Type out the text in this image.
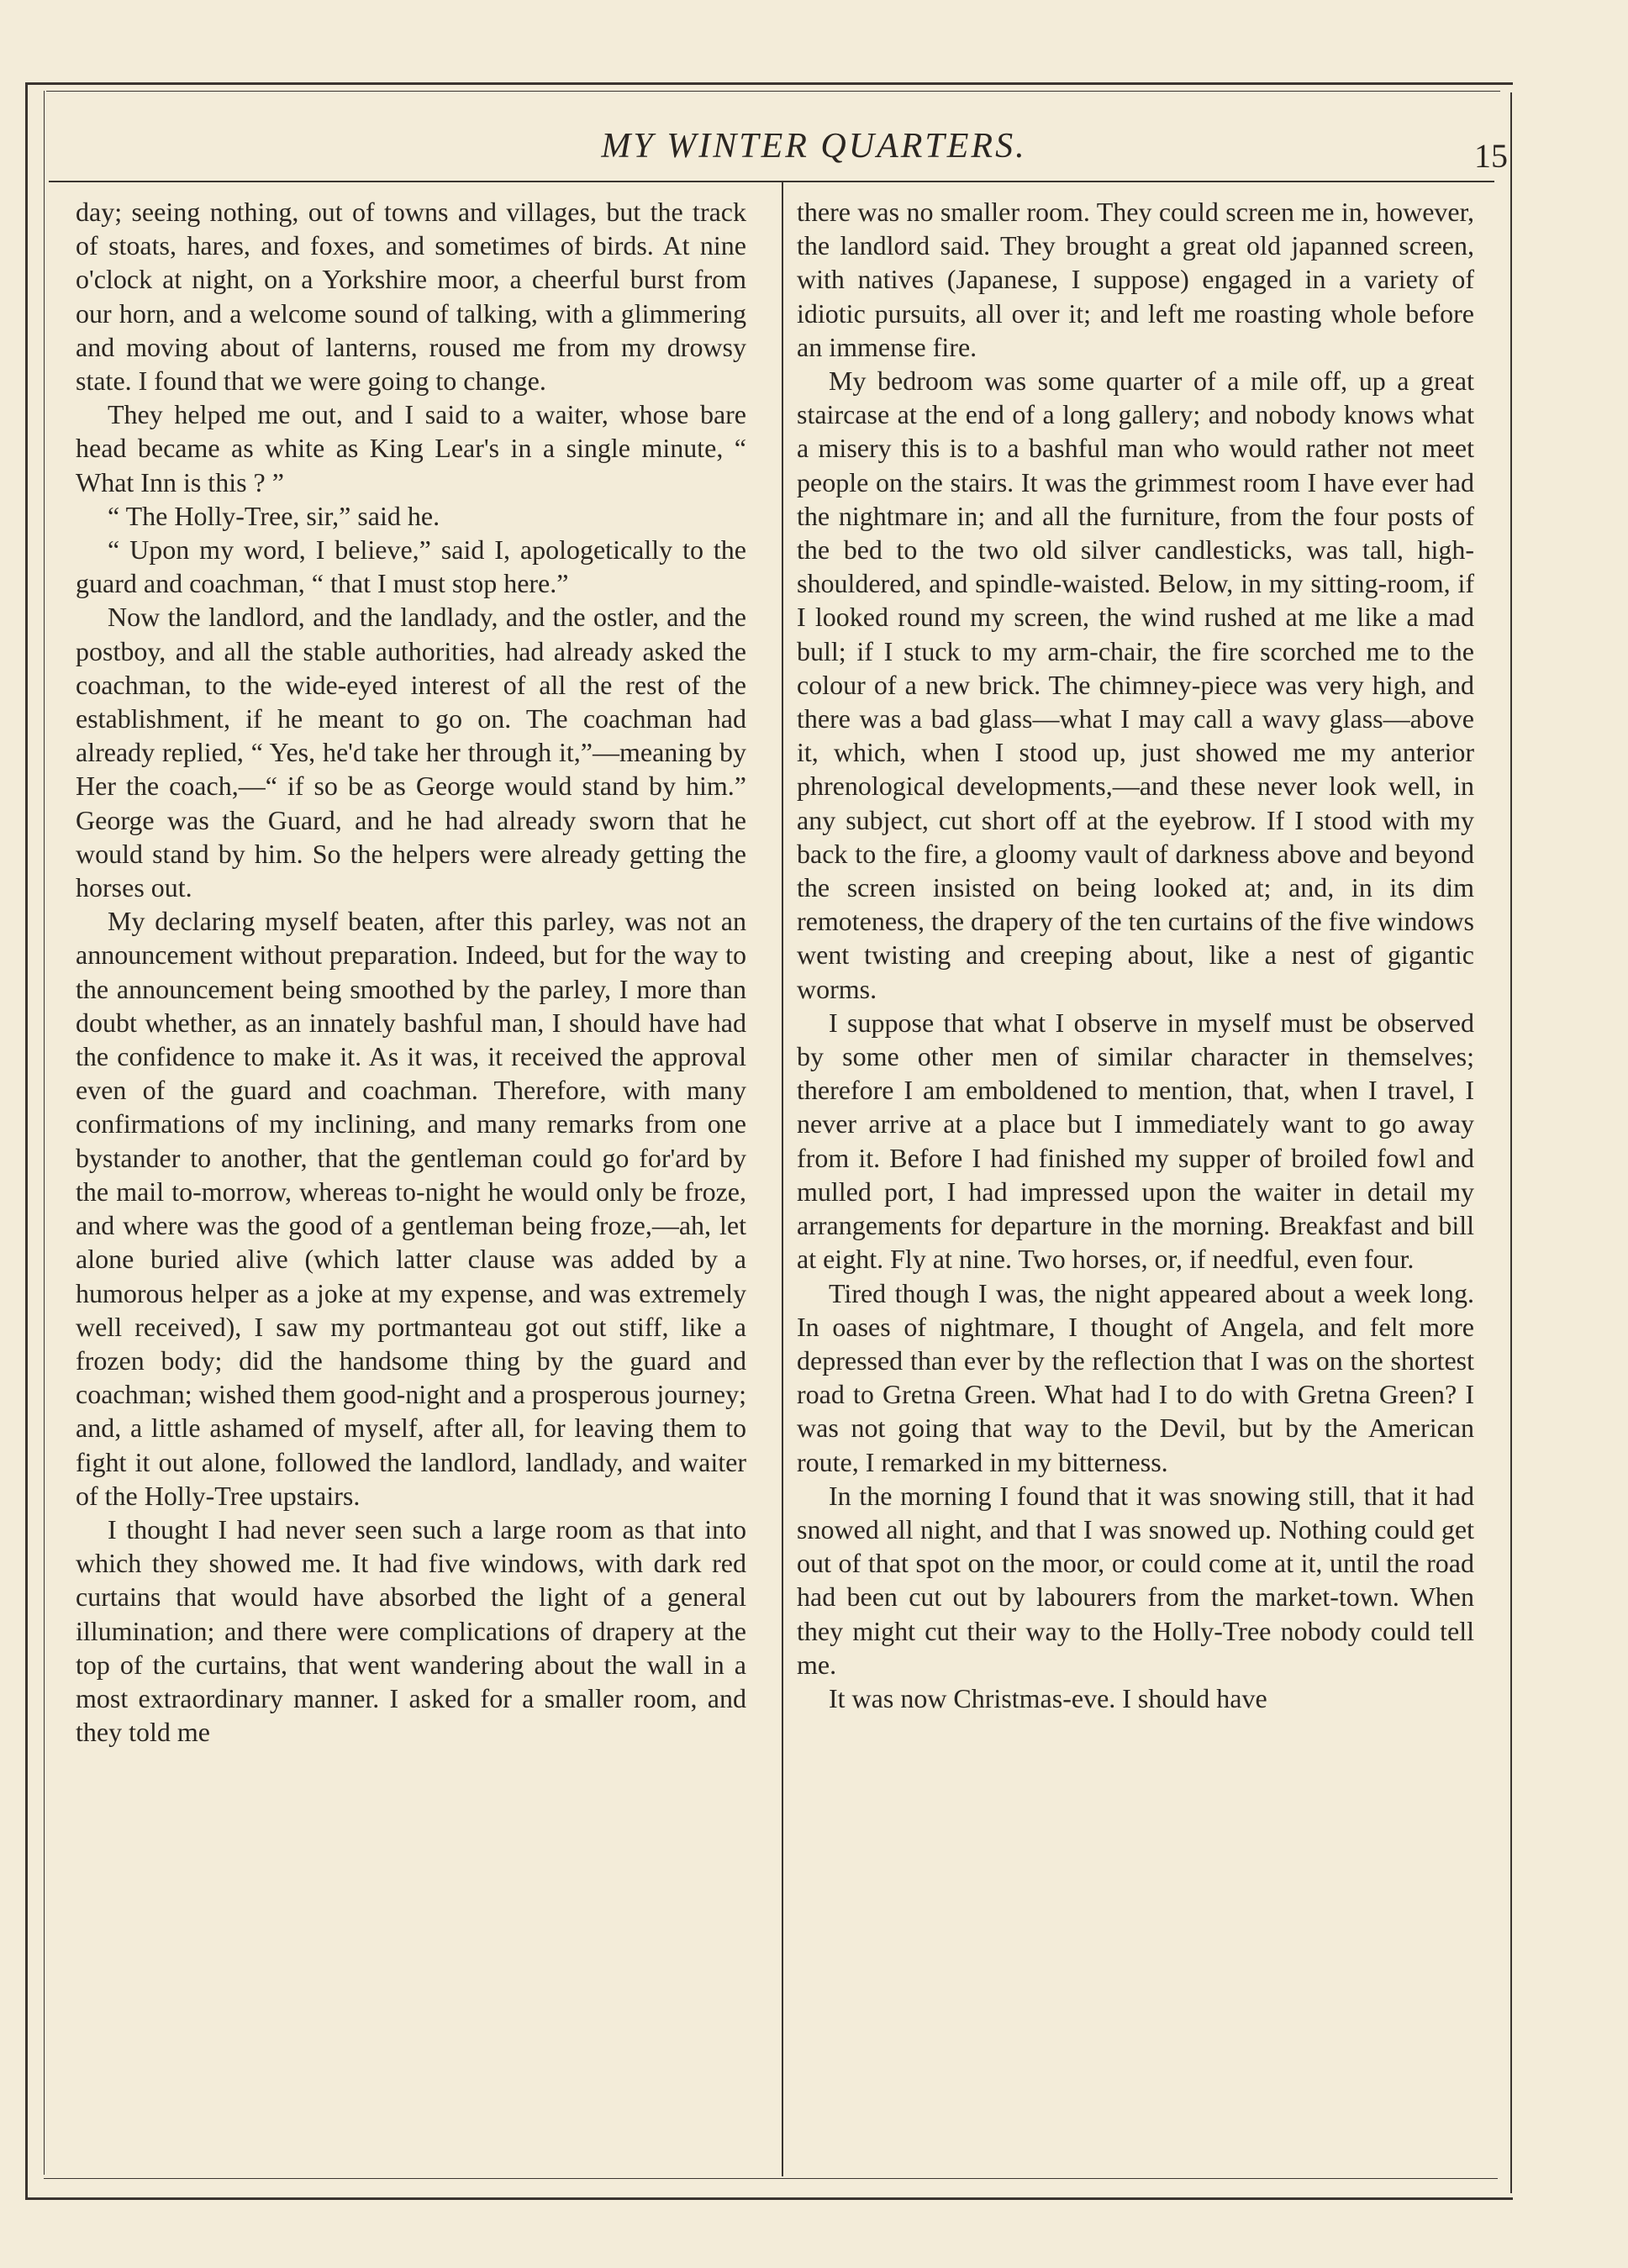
MY WINTER QUARTERS.	15

day; seeing nothing, out of towns and villages, but the track of stoats, hares, and foxes, and sometimes of birds. At nine o'clock at night, on a Yorkshire moor, a cheerful burst from our horn, and a welcome sound of talking, with a glimmering and moving about of lanterns, roused me from my drowsy state. I found that we were going to change.

They helped me out, and I said to a waiter, whose bare head became as white as King Lear's in a single minute, “ What Inn is this ? ”

“ The Holly-Tree, sir,” said he.

“ Upon my word, I believe,” said I, apologetically to the guard and coachman, “ that I must stop here.”

Now the landlord, and the landlady, and the ostler, and the postboy, and all the stable authorities, had already asked the coachman, to the wide-eyed interest of all the rest of the establishment, if he meant to go on. The coachman had already replied, “ Yes, he'd take her through it,”—meaning by Her the coach,—“ if so be as George would stand by him.” George was the Guard, and he had already sworn that he would stand by him. So the helpers were already getting the horses out.

My declaring myself beaten, after this parley, was not an announcement without preparation. Indeed, but for the way to the announcement being smoothed by the parley, I more than doubt whether, as an innately bashful man, I should have had the confidence to make it. As it was, it received the approval even of the guard and coachman. Therefore, with many confirmations of my inclining, and many remarks from one bystander to another, that the gentleman could go for'ard by the mail to-morrow, whereas to-night he would only be froze, and where was the good of a gentleman being froze,—ah, let alone buried alive (which latter clause was added by a humorous helper as a joke at my expense, and was extremely well received), I saw my portmanteau got out stiff, like a frozen body; did the handsome thing by the guard and coachman; wished them good-night and a prosperous journey; and, a little ashamed of myself, after all, for leaving them to fight it out alone, followed the landlord, landlady, and waiter of the Holly-Tree upstairs.

I thought I had never seen such a large room as that into which they showed me. It had five windows, with dark red curtains that would have absorbed the light of a general illumination; and there were complications of drapery at the top of the curtains, that went wandering about the wall in a most extraordinary manner. I asked for a smaller room, and they told me

there was no smaller room. They could screen me in, however, the landlord said. They brought a great old japanned screen, with natives (Japanese, I suppose) engaged in a variety of idiotic pursuits, all over it; and left me roasting whole before an immense fire.

My bedroom was some quarter of a mile off, up a great staircase at the end of a long gallery; and nobody knows what a misery this is to a bashful man who would rather not meet people on the stairs. It was the grimmest room I have ever had the nightmare in; and all the furniture, from the four posts of the bed to the two old silver candlesticks, was tall, high-shouldered, and spindle-waisted. Below, in my sitting-room, if I looked round my screen, the wind rushed at me like a mad bull; if I stuck to my arm-chair, the fire scorched me to the colour of a new brick. The chimney-piece was very high, and there was a bad glass—what I may call a wavy glass—above it, which, when I stood up, just showed me my anterior phrenological developments,—and these never look well, in any subject, cut short off at the eyebrow. If I stood with my back to the fire, a gloomy vault of darkness above and beyond the screen insisted on being looked at; and, in its dim remoteness, the drapery of the ten curtains of the five windows went twisting and creeping about, like a nest of gigantic worms.

I suppose that what I observe in myself must be observed by some other men of similar character in themselves; therefore I am emboldened to mention, that, when I travel, I never arrive at a place but I immediately want to go away from it. Before I had finished my supper of broiled fowl and mulled port, I had impressed upon the waiter in detail my arrangements for departure in the morning. Breakfast and bill at eight. Fly at nine. Two horses, or, if needful, even four.

Tired though I was, the night appeared about a week long. In oases of nightmare, I thought of Angela, and felt more depressed than ever by the reflection that I was on the shortest road to Gretna Green. What had I to do with Gretna Green? I was not going that way to the Devil, but by the American route, I remarked in my bitterness.

In the morning I found that it was snowing still, that it had snowed all night, and that I was snowed up. Nothing could get out of that spot on the moor, or could come at it, until the road had been cut out by labourers from the market-town. When they might cut their way to the Holly-Tree nobody could tell me.

It was now Christmas-eve. I should have
